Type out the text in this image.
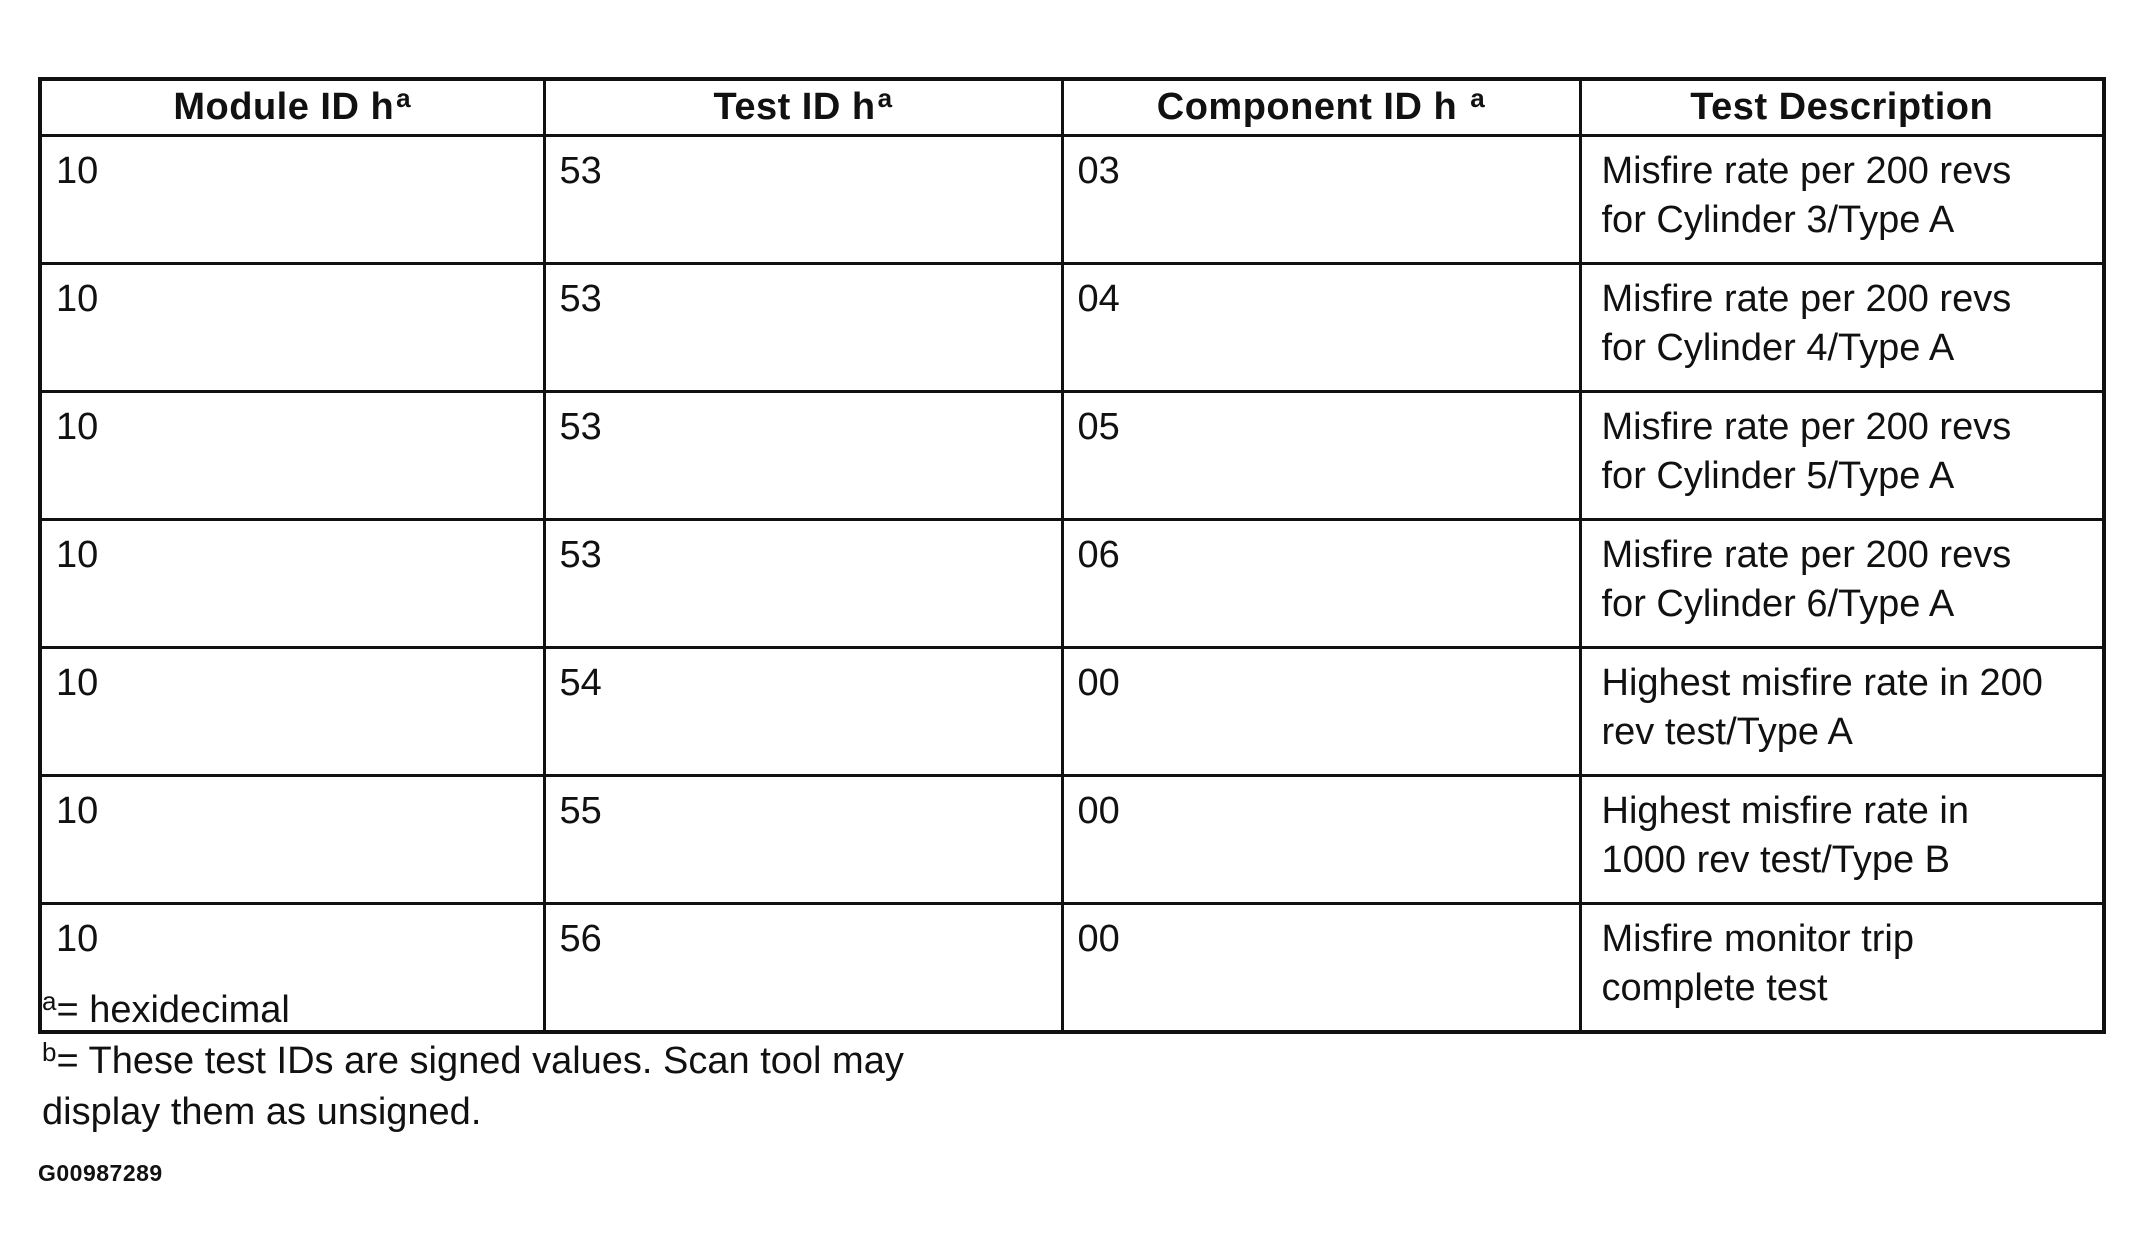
Module ID $h^a$	Test ID $h^a$	Component ID h $^a$	Test Description
10	53	03	Misfire rate per 200 revs
for Cylinder 3/Type A

10	53	04	Misfire rate per 200 revs
for Cylinder 4/Type A

10	53	05	Misfire rate per 200 revs
for Cylinder 5/Type A

10	53	06	Misfire rate per 200 revs
for Cylinder 6/Type A

10	54	00	Highest misfire rate in 200
rev test/Type A

10	55	00	Highest misfire rate in
1000 rev test/Type B

10	56	00	Misfire monitor trip
complete test
$^a$= hexidecimal
$^b$= These test IDs are signed values. Scan tool may
display them as unsigned.
G00987289
